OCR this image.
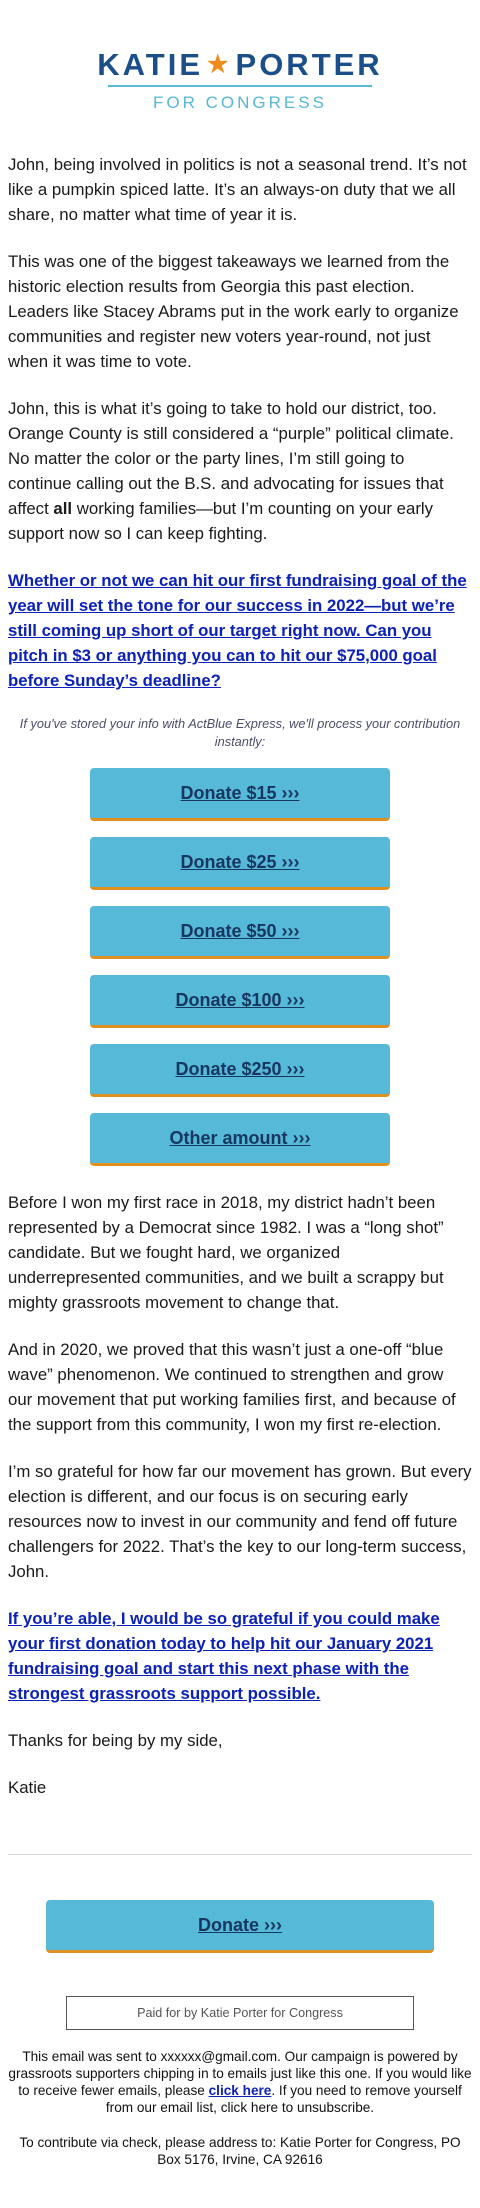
KATIE ★ PORTER
FOR CONGRESS

John, being involved in politics is not a seasonal trend. It’s not like a pumpkin spiced latte. It’s an always-on duty that we all share, no matter what time of year it is.

This was one of the biggest takeaways we learned from the historic election results from Georgia this past election. Leaders like Stacey Abrams put in the work early to organize communities and register new voters year-round, not just when it was time to vote.

John, this is what it’s going to take to hold our district, too. Orange County is still considered a “purple” political climate. No matter the color or the party lines, I’m still going to continue calling out the B.S. and advocating for issues that affect all working families—but I’m counting on your early support now so I can keep fighting.

Whether or not we can hit our first fundraising goal of the year will set the tone for our success in 2022—but we’re still coming up short of our target right now. Can you pitch in $3 or anything you can to hit our $75,000 goal before Sunday’s deadline?
If you've stored your info with ActBlue Express, we'll process your contribution instantly:
Donate $15 ›››
Donate $25 ›››
Donate $50 ›››
Donate $100 ›››
Donate $250 ›››
Other amount ›››

Before I won my first race in 2018, my district hadn’t been represented by a Democrat since 1982. I was a “long shot” candidate. But we fought hard, we organized underrepresented communities, and we built a scrappy but mighty grassroots movement to change that.

And in 2020, we proved that this wasn’t just a one-off “blue wave” phenomenon. We continued to strengthen and grow our movement that put working families first, and because of the support from this community, I won my first re-election.

I’m so grateful for how far our movement has grown. But every election is different, and our focus is on securing early resources now to invest in our community and fend off future challengers for 2022. That’s the key to our long-term success, John.

If you’re able, I would be so grateful if you could make your first donation today to help hit our January 2021 fundraising goal and start this next phase with the strongest grassroots support possible.

Thanks for being by my side,

Katie

Donate ›››
Paid for by Katie Porter for Congress
This email was sent to xxxxxx@gmail.com. Our campaign is powered by grassroots supporters chipping in to emails just like this one. If you would like to receive fewer emails, please click here. If you need to remove yourself from our email list, click here to unsubscribe.
To contribute via check, please address to: Katie Porter for Congress, PO Box 5176, Irvine, CA 92616
